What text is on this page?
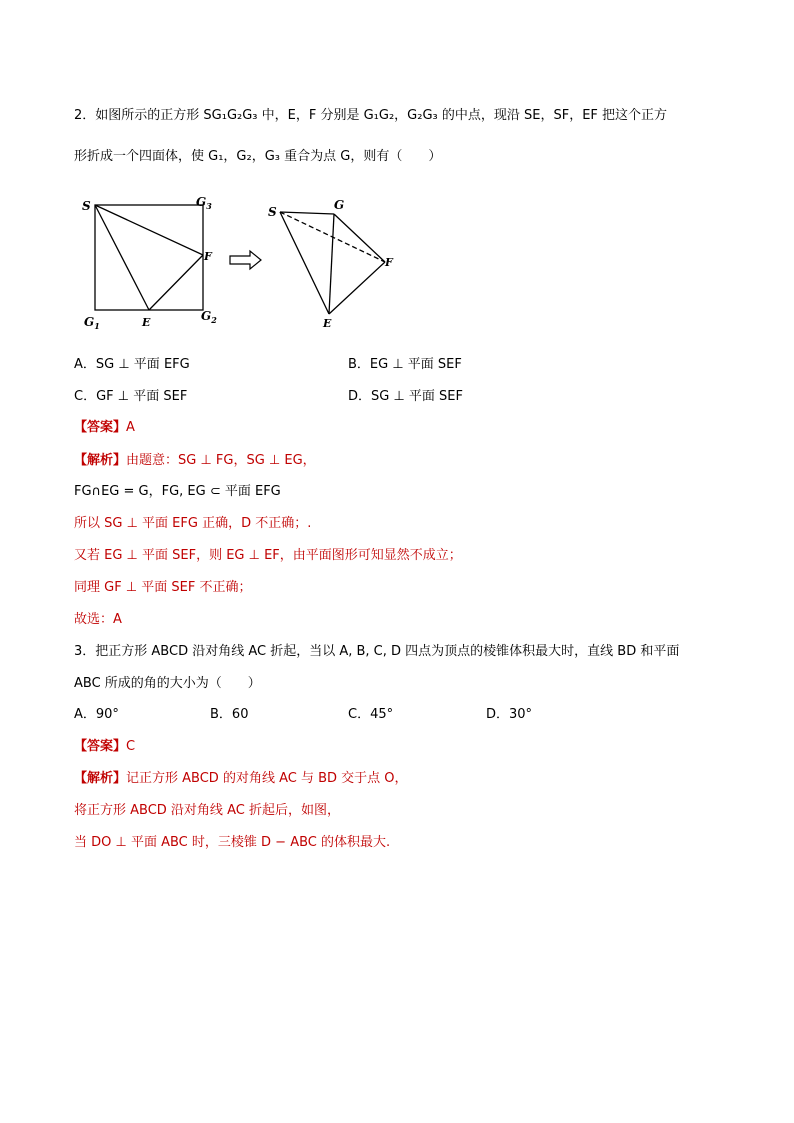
2．如图所示的正方形 SG₁G₂G₃ 中，E，F 分别是 G₁G₂，G₂G₃ 的中点，现沿 SE，SF，EF 把这个正方
形折成一个四面体，使 G₁，G₂，G₃ 重合为点 G，则有（　　）
S	$G_3$
F
$G_1$	E	$G_2$
S	G
F
E
A．SG ⊥ 平面 EFG	B．EG ⊥ 平面 SEF
C．GF ⊥ 平面 SEF	D．SG ⊥ 平面 SEF
【答案】A
【解析】由题意：SG ⊥ FG，SG ⊥ EG，
FG∩EG = G，FG, EG ⊂ 平面 EFG
所以 SG ⊥ 平面 EFG 正确，D 不正确；.
又若 EG ⊥ 平面 SEF，则 EG ⊥ EF，由平面图形可知显然不成立；
同理 GF ⊥ 平面 SEF 不正确；
故选：A
3．把正方形 ABCD 沿对角线 AC 折起，当以 A, B, C, D 四点为顶点的棱锥体积最大时，直线 BD 和平面
ABC 所成的角的大小为（　　）
A．90°	B．60	C．45°	D．30°
【答案】C
【解析】记正方形 ABCD 的对角线 AC 与 BD 交于点 O，
将正方形 ABCD 沿对角线 AC 折起后，如图，
当 DO ⊥ 平面 ABC 时，三棱锥 D − ABC 的体积最大.
